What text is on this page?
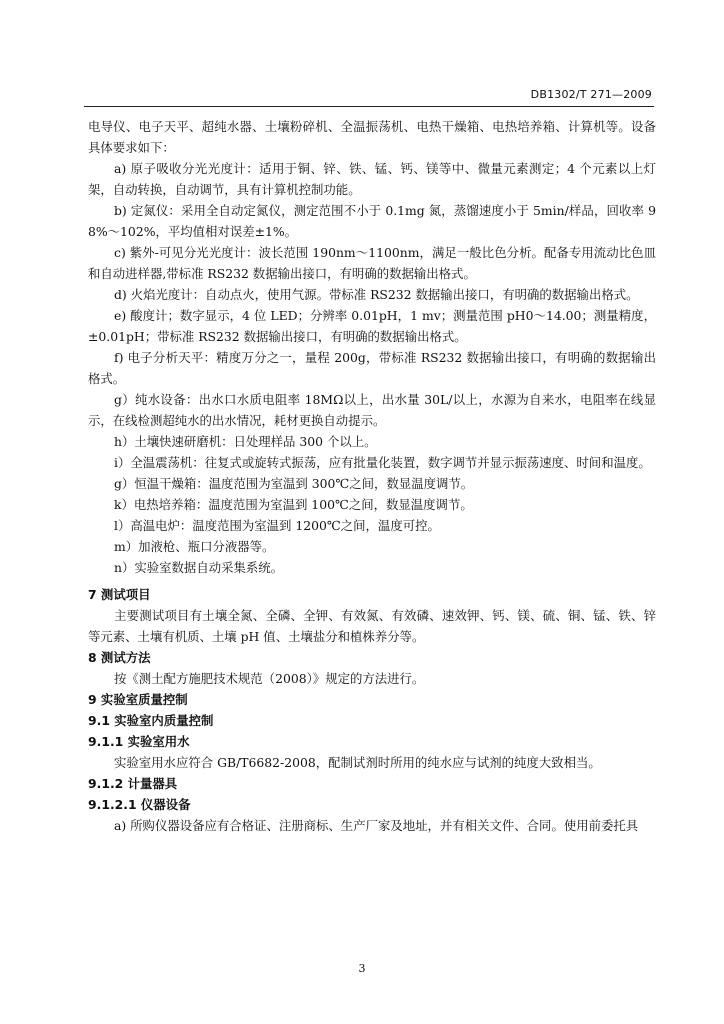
DB1302/T 271—2009

电导仪、电子天平、超纯水器、土壤粉碎机、全温振荡机、电热干燥箱、电热培养箱、计算机等。设备具体要求如下：

a) 原子吸收分光光度计：适用于铜、锌、铁、锰、钙、镁等中、微量元素测定；4 个元素以上灯架，自动转换，自动调节，具有计算机控制功能。

b) 定氮仪：采用全自动定氮仪，测定范围不小于 0.1mg 氮，蒸馏速度小于 5min/样品，回收率 98%～102%，平均值相对误差±1%。

c) 紫外-可见分光光度计：波长范围 190nm～1100nm，满足一般比色分析。配备专用流动比色皿和自动进样器,带标准 RS232 数据输出接口，有明确的数据输出格式。

d) 火焰光度计：自动点火，使用气源。带标准 RS232 数据输出接口，有明确的数据输出格式。

e) 酸度计；数字显示，4 位 LED；分辨率 0.01pH，1 mv；测量范围 pH0～14.00；测量精度，±0.01pH；带标准 RS232 数据输出接口，有明确的数据输出格式。

f) 电子分析天平：精度万分之一，量程 200g，带标准 RS232 数据输出接口，有明确的数据输出格式。

g）纯水设备：出水口水质电阻率 18MΩ以上，出水量 30L/以上，水源为自来水，电阻率在线显示，在线检测超纯水的出水情况，耗材更换自动提示。

h）土壤快速研磨机：日处理样品 300 个以上。

i）全温震荡机：往复式或旋转式振荡，应有批量化装置，数字调节并显示振荡速度、时间和温度。

g）恒温干燥箱：温度范围为室温到 300℃之间，数显温度调节。

k）电热培养箱：温度范围为室温到 100℃之间，数显温度调节。

l）高温电炉：温度范围为室温到 1200℃之间，温度可控。

m）加液枪、瓶口分液器等。

n）实验室数据自动采集系统。

7 测试项目

主要测试项目有土壤全氮、全磷、全钾、有效氮、有效磷、速效钾、钙、镁、硫、铜、锰、铁、锌等元素、土壤有机质、土壤 pH 值、土壤盐分和植株养分等。

8 测试方法

按《测土配方施肥技术规范（2008）》规定的方法进行。

9 实验室质量控制
9.1 实验室内质量控制
9.1.1 实验室用水

实验室用水应符合 GB/T6682-2008，配制试剂时所用的纯水应与试剂的纯度大致相当。

9.1.2 计量器具
9.1.2.1 仪器设备

a) 所购仪器设备应有合格证、注册商标、生产厂家及地址，并有相关文件、合同。使用前委托具

3
